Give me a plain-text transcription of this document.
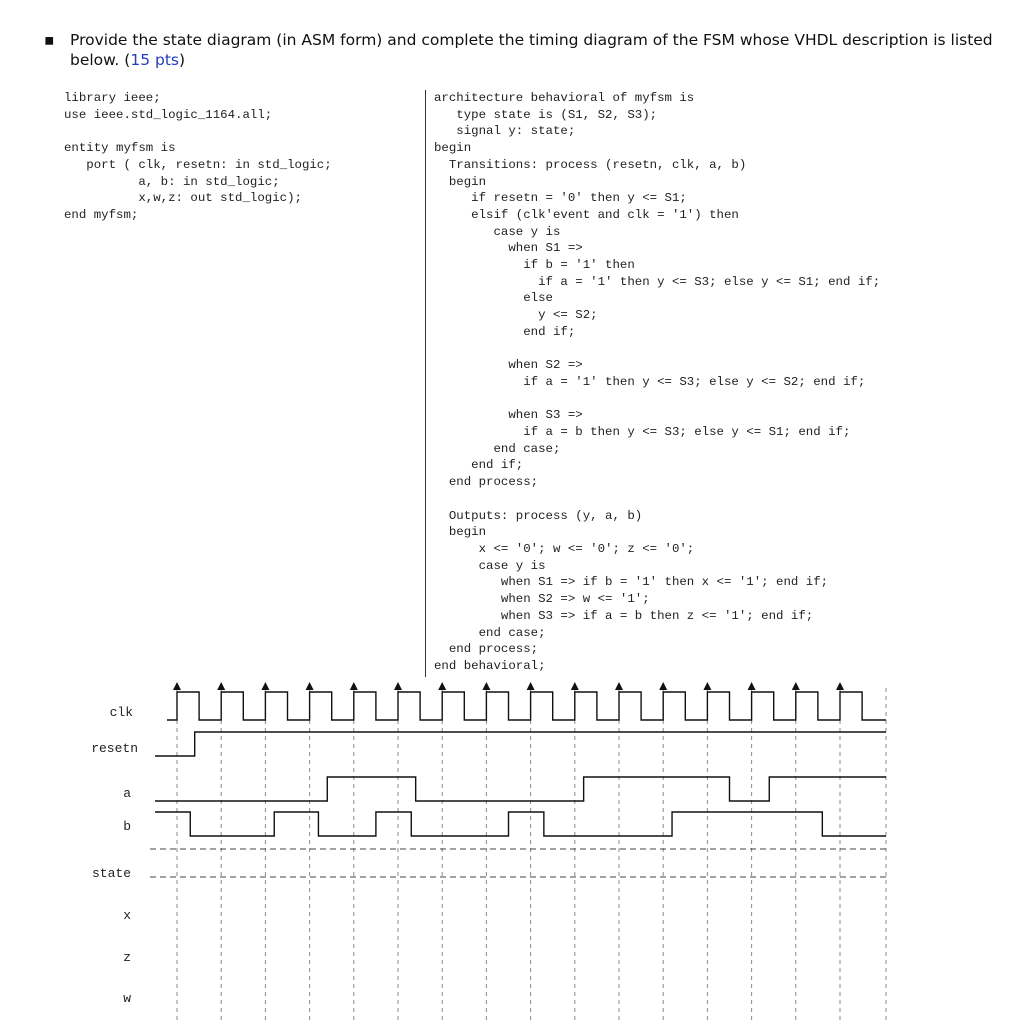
▪ Provide the state diagram (in ASM form) and complete the timing diagram of the FSM whose VHDL description is listed below. (15 pts)
library ieee;
use ieee.std_logic_1164.all;

entity myfsm is
port ( clk, resetn: in std_logic;
a, b: in std_logic;
x,w,z: out std_logic);
end myfsm;

architecture behavioral of myfsm is
type state is (S1, S2, S3);
signal y: state;
begin
Transitions: process (resetn, clk, a, b)
begin
if resetn = '0' then y <= S1;
elsif (clk'event and clk = '1') then
case y is
when S1 =>
if b = '1' then
if a = '1' then y <= S3; else y <= S1; end if;
else
y <= S2;
end if;

when S2 =>
if a = '1' then y <= S3; else y <= S2; end if;

when S3 =>
if a = b then y <= S3; else y <= S1; end if;
end case;
end if;
end process;

Outputs: process (y, a, b)
begin
x <= '0'; w <= '0'; z <= '0';
case y is
when S1 => if b = '1' then x <= '1'; end if;
when S2 => w <= '1';
when S3 => if a = b then z <= '1'; end if;
end case;
end process;
end behavioral;

clk
resetn
a
b
state
x
z
w
